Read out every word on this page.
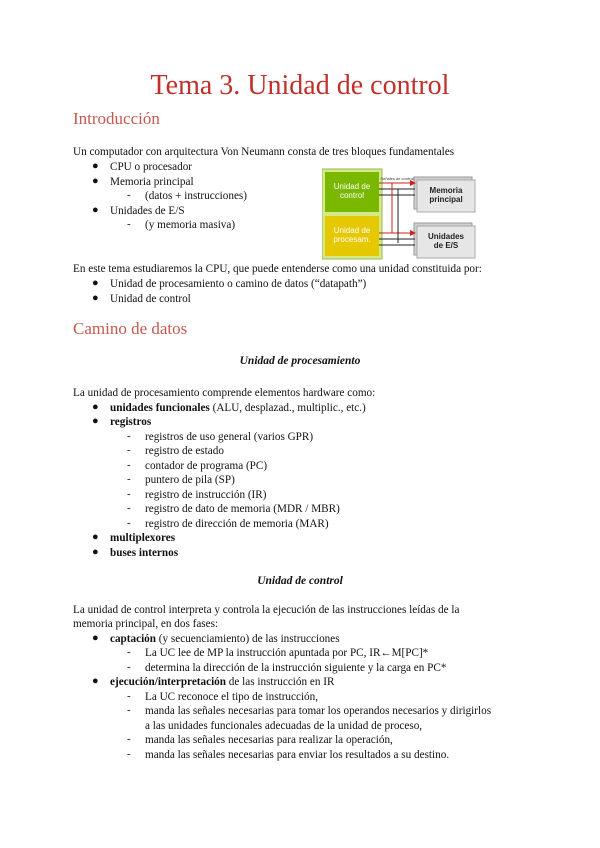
Tema 3. Unidad de control
Introducción
Un computador con arquitectura Von Neumann consta de tres bloques fundamentales
● CPU o procesador
● Memoria principal
- (datos + instrucciones)
● Unidades de E/S
- (y memoria masiva)
Unidad de control
Unidad de procesam.
Memoria principal
Unidades de E/S
Señales de control
En este tema estudiaremos la CPU, que puede entenderse como una unidad constituida por:
● Unidad de procesamiento o camino de datos (“datapath”)
● Unidad de control
Camino de datos
Unidad de procesamiento
La unidad de procesamiento comprende elementos hardware como:
● unidades funcionales (ALU, desplazad., multiplic., etc.)
● registros
- registros de uso general (varios GPR)
- registro de estado
- contador de programa (PC)
- puntero de pila (SP)
- registro de instrucción (IR)
- registro de dato de memoria (MDR / MBR)
- registro de dirección de memoria (MAR)
● multiplexores
● buses internos
Unidad de control
La unidad de control interpreta y controla la ejecución de las instrucciones leídas de la
memoria principal, en dos fases:
● captación (y secuenciamiento) de las instrucciones
- La UC lee de MP la instrucción apuntada por PC, IR←M[PC]*
- determina la dirección de la instrucción siguiente y la carga en PC*
● ejecución/interpretación de las instrucción en IR
- La UC reconoce el tipo de instrucción,
- manda las señales necesarias para tomar los operandos necesarios y dirigirlos
a las unidades funcionales adecuadas de la unidad de proceso,
- manda las señales necesarias para realizar la operación,
- manda las señales necesarias para enviar los resultados a su destino.
